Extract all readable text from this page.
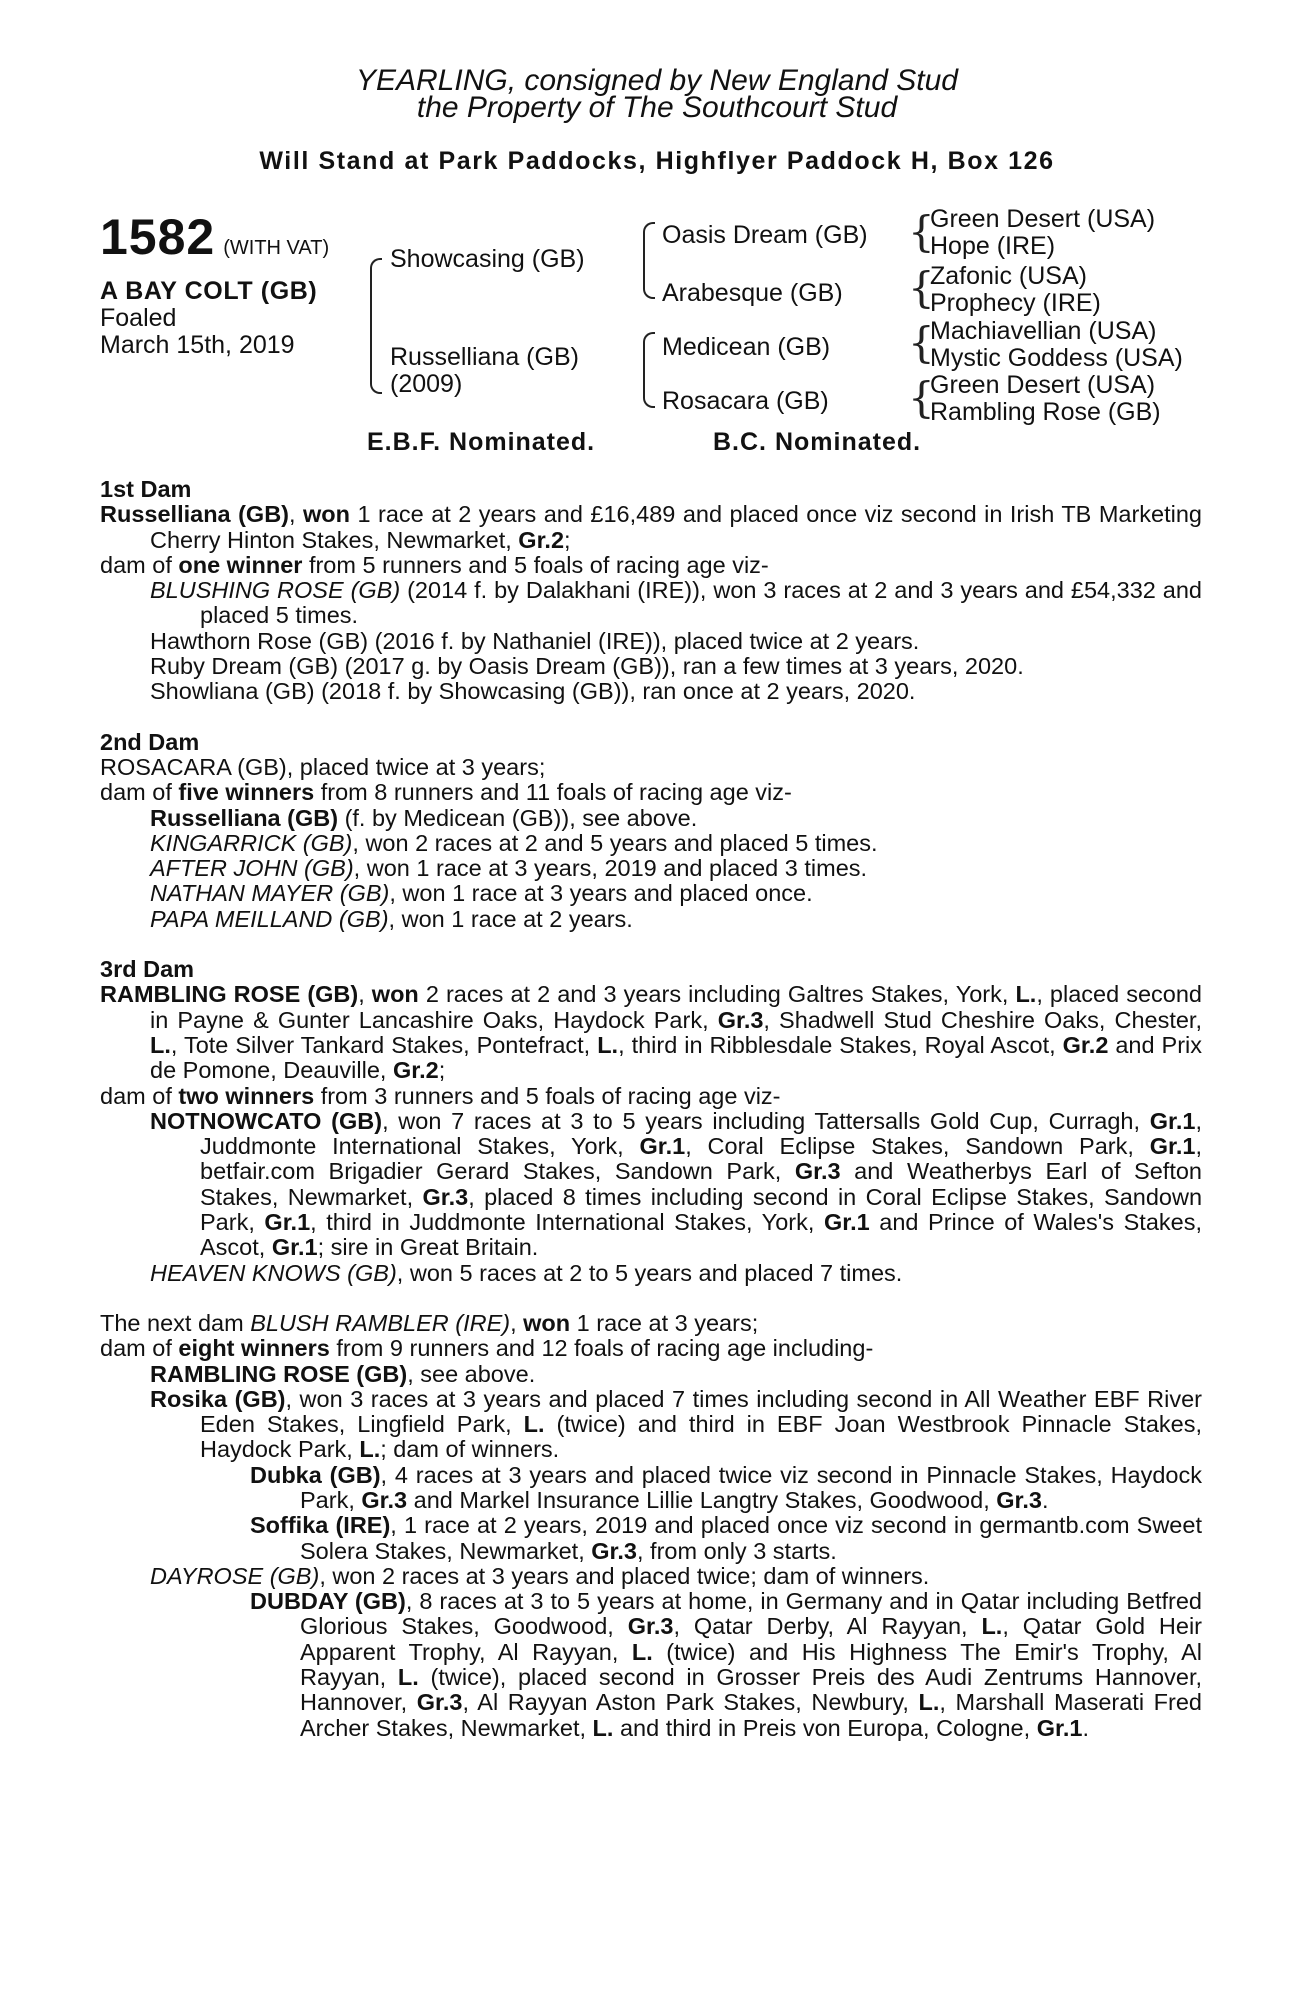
YEARLING, consigned by New England Stud
the Property of The Southcourt Stud
Will Stand at Park Paddocks, Highflyer Paddock H, Box 126
1582 (WITH VAT)
A BAY COLT (GB)
Foaled
March 15th, 2019
Showcasing (GB)
Russelliana (GB)
(2009)
Oasis Dream (GB)
Arabesque (GB)
Medicean (GB)
Rosacara (GB)
{
{
{
{
Green Desert (USA)
Hope (IRE)
Zafonic (USA)
Prophecy (IRE)
Machiavellian (USA)
Mystic Goddess (USA)
Green Desert (USA)
Rambling Rose (GB)
E.B.F. Nominated.	B.C. Nominated.

1st Dam

Russelliana (GB), won 1 race at 2 years and £16,489 and placed once viz second in Irish TB Marketing Cherry Hinton Stakes, Newmarket, Gr.2;

dam of one winner from 5 runners and 5 foals of racing age viz-

BLUSHING ROSE (GB) (2014 f. by Dalakhani (IRE)), won 3 races at 2 and 3 years and £54,332 and placed 5 times.

Hawthorn Rose (GB) (2016 f. by Nathaniel (IRE)), placed twice at 2 years.

Ruby Dream (GB) (2017 g. by Oasis Dream (GB)), ran a few times at 3 years, 2020.

Showliana (GB) (2018 f. by Showcasing (GB)), ran once at 2 years, 2020.

2nd Dam

ROSACARA (GB), placed twice at 3 years;

dam of five winners from 8 runners and 11 foals of racing age viz-

Russelliana (GB) (f. by Medicean (GB)), see above.

KINGARRICK (GB), won 2 races at 2 and 5 years and placed 5 times.

AFTER JOHN (GB), won 1 race at 3 years, 2019 and placed 3 times.

NATHAN MAYER (GB), won 1 race at 3 years and placed once.

PAPA MEILLAND (GB), won 1 race at 2 years.

3rd Dam

RAMBLING ROSE (GB), won 2 races at 2 and 3 years including Galtres Stakes, York, L., placed second in Payne & Gunter Lancashire Oaks, Haydock Park, Gr.3, Shadwell Stud Cheshire Oaks, Chester, L., Tote Silver Tankard Stakes, Pontefract, L., third in Ribblesdale Stakes, Royal Ascot, Gr.2 and Prix de Pomone, Deauville, Gr.2;

dam of two winners from 3 runners and 5 foals of racing age viz-

NOTNOWCATO (GB), won 7 races at 3 to 5 years including Tattersalls Gold Cup, Curragh, Gr.1, Juddmonte International Stakes, York, Gr.1, Coral Eclipse Stakes, Sandown Park, Gr.1, betfair.com Brigadier Gerard Stakes, Sandown Park, Gr.3 and Weatherbys Earl of Sefton Stakes, Newmarket, Gr.3, placed 8 times including second in Coral Eclipse Stakes, Sandown Park, Gr.1, third in Juddmonte International Stakes, York, Gr.1 and Prince of Wales's Stakes, Ascot, Gr.1; sire in Great Britain.

HEAVEN KNOWS (GB), won 5 races at 2 to 5 years and placed 7 times.

The next dam BLUSH RAMBLER (IRE), won 1 race at 3 years;

dam of eight winners from 9 runners and 12 foals of racing age including-

RAMBLING ROSE (GB), see above.

Rosika (GB), won 3 races at 3 years and placed 7 times including second in All Weather EBF River Eden Stakes, Lingfield Park, L. (twice) and third in EBF Joan Westbrook Pinnacle Stakes, Haydock Park, L.; dam of winners.

Dubka (GB), 4 races at 3 years and placed twice viz second in Pinnacle Stakes, Haydock Park, Gr.3 and Markel Insurance Lillie Langtry Stakes, Goodwood, Gr.3.

Soffika (IRE), 1 race at 2 years, 2019 and placed once viz second in germantb.com Sweet Solera Stakes, Newmarket, Gr.3, from only 3 starts.

DAYROSE (GB), won 2 races at 3 years and placed twice; dam of winners.

DUBDAY (GB), 8 races at 3 to 5 years at home, in Germany and in Qatar including Betfred Glorious Stakes, Goodwood, Gr.3, Qatar Derby, Al Rayyan, L., Qatar Gold Heir Apparent Trophy, Al Rayyan, L. (twice) and His Highness The Emir's Trophy, Al Rayyan, L. (twice), placed second in Grosser Preis des Audi Zentrums Hannover, Hannover, Gr.3, Al Rayyan Aston Park Stakes, Newbury, L., Marshall Maserati Fred Archer Stakes, Newmarket, L. and third in Preis von Europa, Cologne, Gr.1.
